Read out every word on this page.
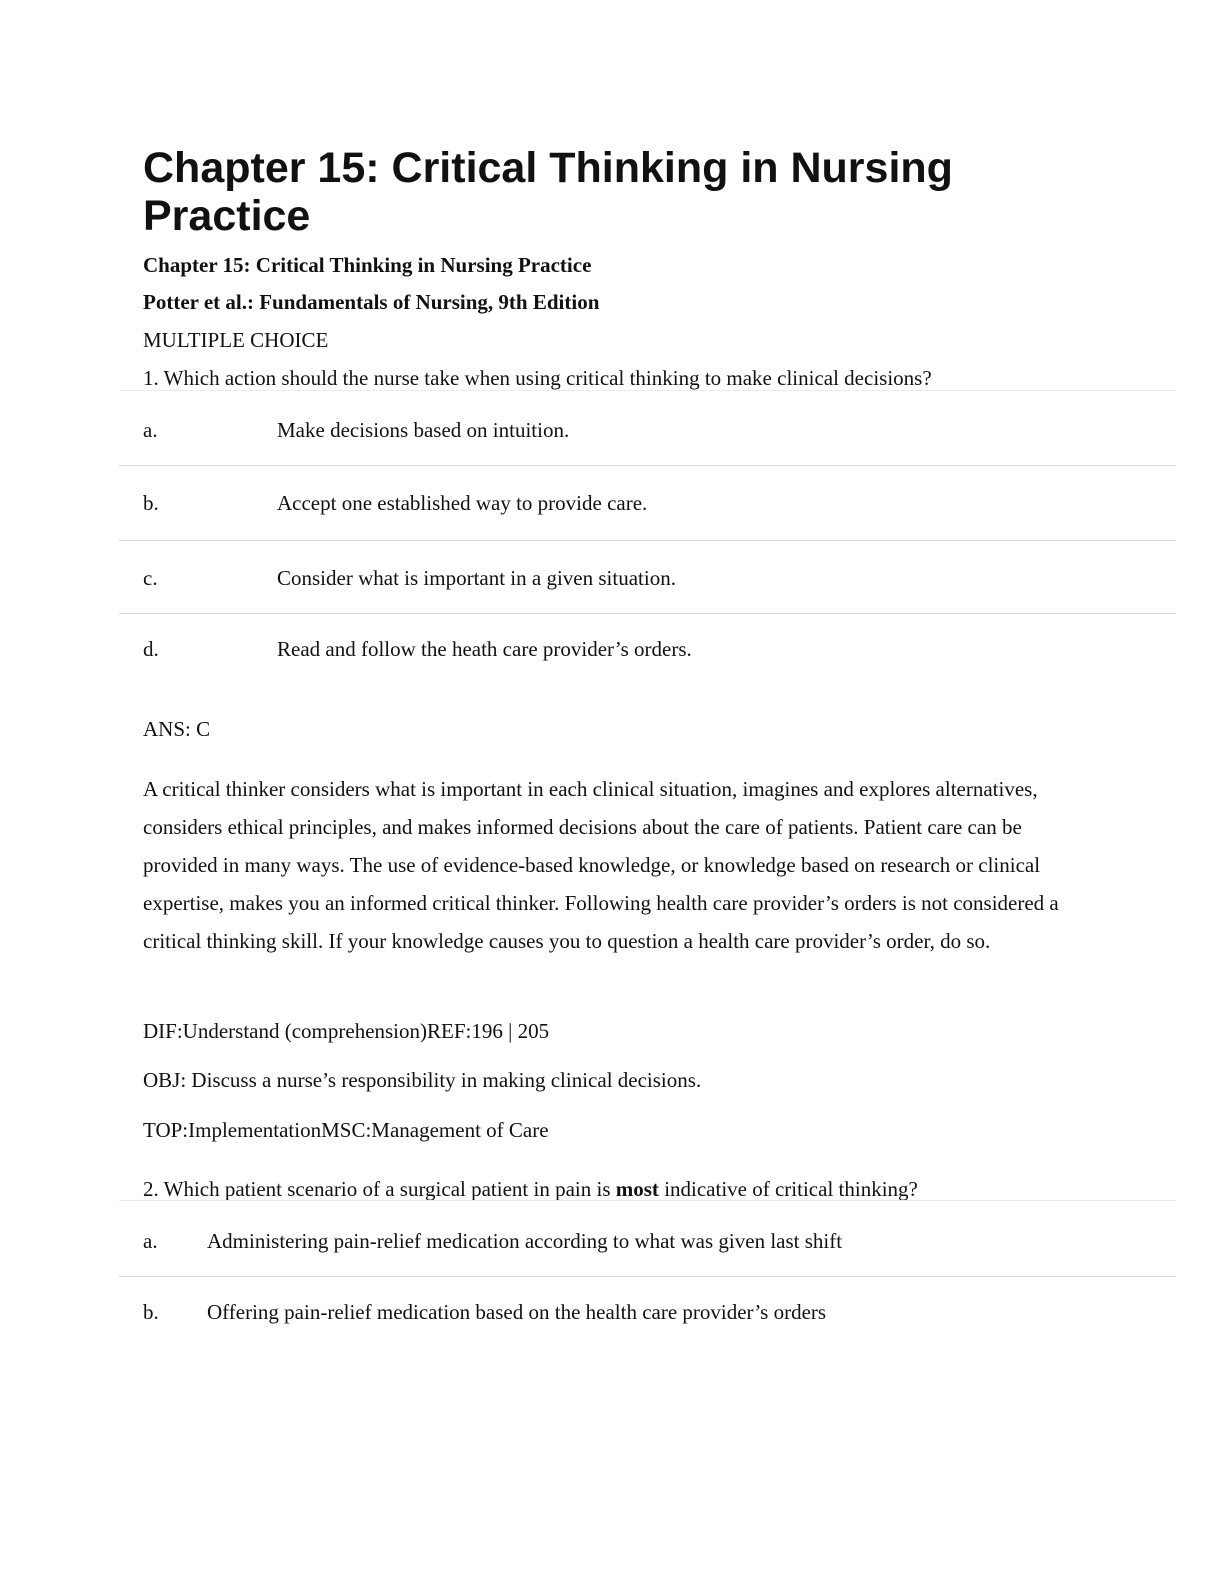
Chapter 15: Critical Thinking in Nursing Practice
Chapter 15: Critical Thinking in Nursing Practice
Potter et al.: Fundamentals of Nursing, 9th Edition
MULTIPLE CHOICE
1. Which action should the nurse take when using critical thinking to make clinical decisions?
a.	Make decisions based on intuition.
b.	Accept one established way to provide care.
c.	Consider what is important in a given situation.
d.	Read and follow the heath care provider’s orders.
ANS: C
A critical thinker considers what is important in each clinical situation, imagines and explores alternatives, considers ethical principles, and makes informed decisions about the care of patients. Patient care can be provided in many ways. The use of evidence-based knowledge, or knowledge based on research or clinical expertise, makes you an informed critical thinker. Following health care provider’s orders is not considered a critical thinking skill. If your knowledge causes you to question a health care provider’s order, do so.
DIF:Understand (comprehension)REF:196 | 205
OBJ: Discuss a nurse’s responsibility in making clinical decisions.
TOP:ImplementationMSC:Management of Care
2. Which patient scenario of a surgical patient in pain is most indicative of critical thinking?
a. Administering pain-relief medication according to what was given last shift
b. Offering pain-relief medication based on the health care provider’s orders
